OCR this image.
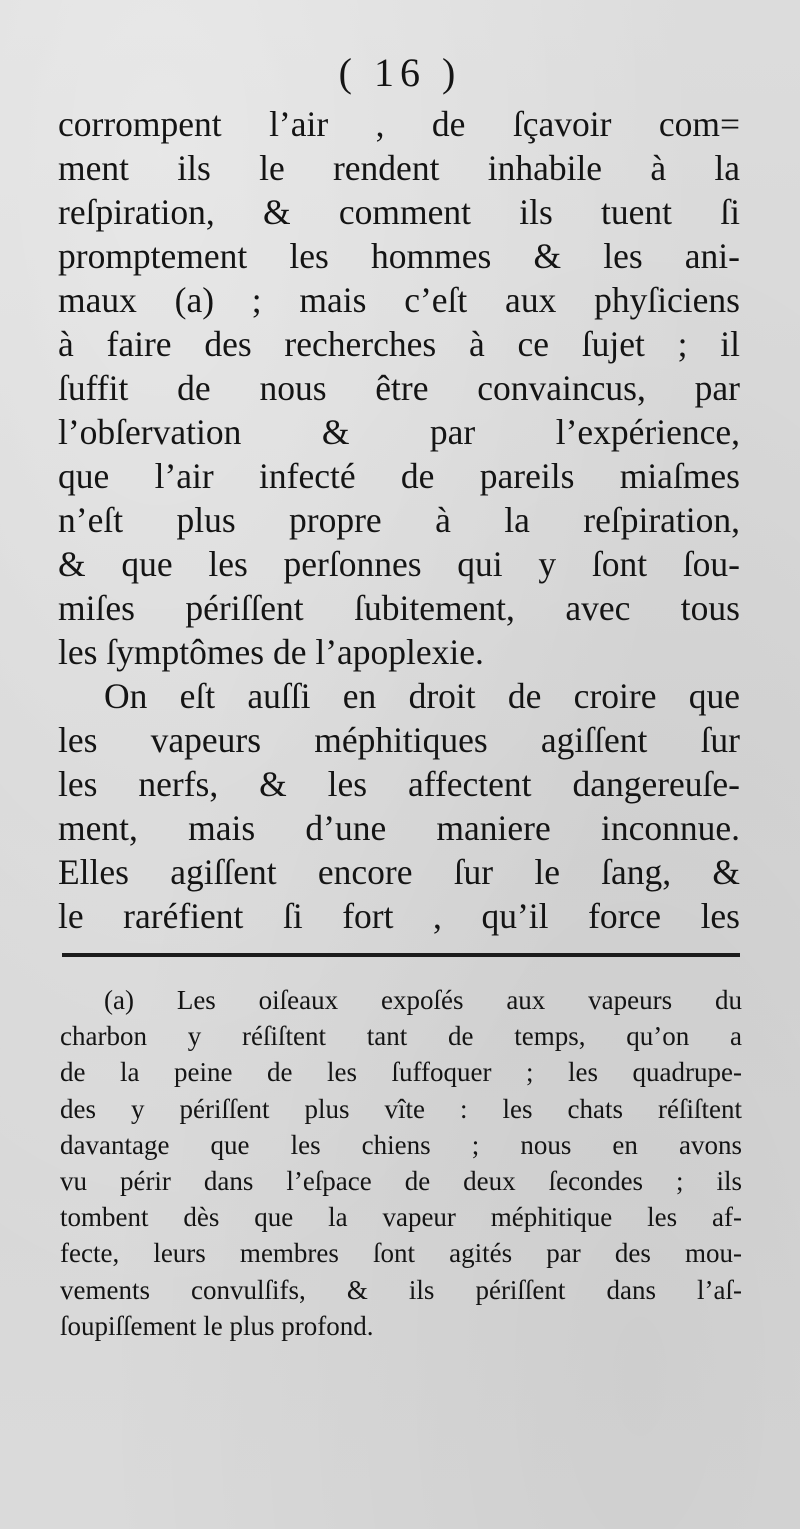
( 16 )
corrompent l’air , de ſçavoir com=
ment ils le rendent inhabile à la
reſpiration, & comment ils tuent ſi
promptement les hommes & les ani-
maux (a) ; mais c’eſt aux phyſiciens
à faire des recherches à ce ſujet ; il
ſuffit de nous être convaincus, par
l’obſervation & par l’expérience,
que l’air infecté de pareils miaſmes
n’eſt plus propre à la reſpiration,
& que les perſonnes qui y ſont ſou-
miſes périſſent ſubitement, avec tous
les ſymptômes de l’apoplexie.
On eſt auſſi en droit de croire que
les vapeurs méphitiques agiſſent ſur
les nerfs, & les affectent dangereuſe-
ment, mais d’une maniere inconnue.
Elles agiſſent encore ſur le ſang, &
le raréfient ſi fort , qu’il force les
(a) Les oiſeaux expoſés aux vapeurs du
charbon y réſiſtent tant de temps, qu’on a
de la peine de les ſuffoquer ; les quadrupe-
des y périſſent plus vîte : les chats réſiſtent
davantage que les chiens ; nous en avons
vu périr dans l’eſpace de deux ſecondes ; ils
tombent dès que la vapeur méphitique les af-
fecte, leurs membres ſont agités par des mou-
vements convulſifs, & ils périſſent dans l’aſ-
ſoupiſſement le plus profond.
